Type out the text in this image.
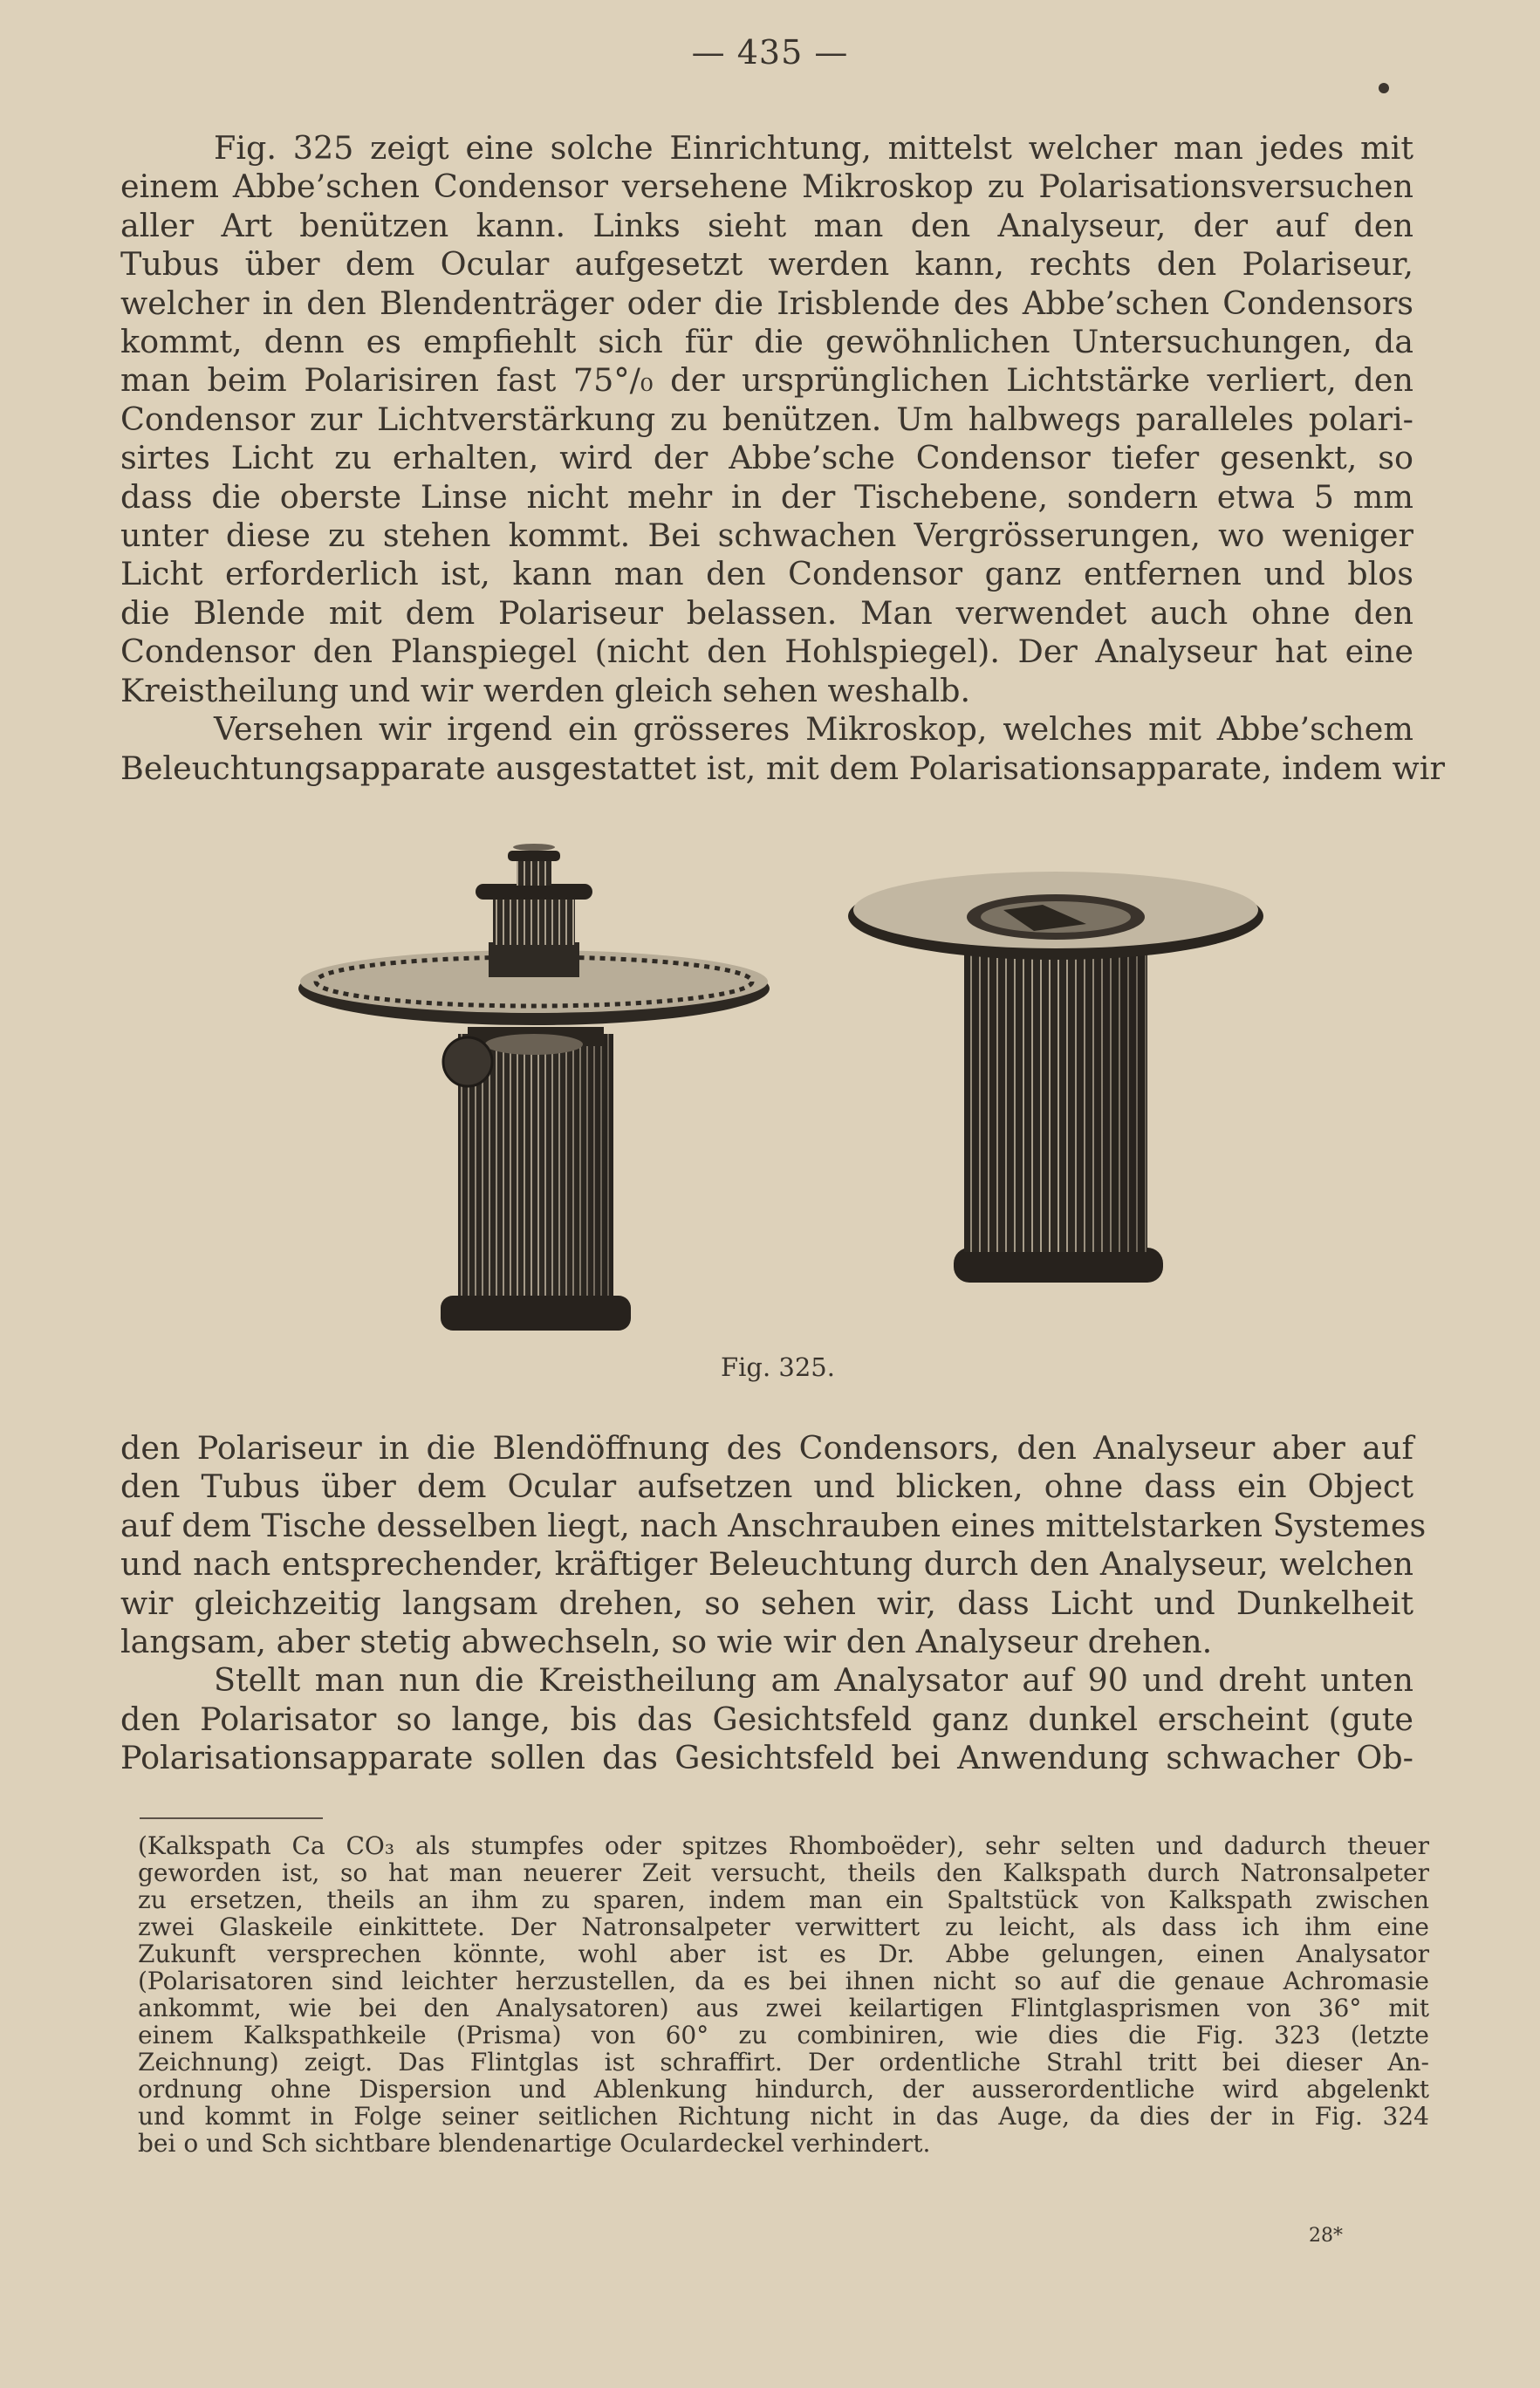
— 435 —

Fig. 325 zeigt eine solche Einrichtung, mittelst welcher man jedes mit
einem Abbe’schen Condensor versehene Mikroskop zu Polarisationsversuchen
aller Art benützen kann. Links sieht man den Analyseur, der auf den
Tubus über dem Ocular aufgesetzt werden kann, rechts den Polariseur,
welcher in den Blendenträger oder die Irisblende des Abbe’schen Condensors
kommt, denn es empfiehlt sich für die gewöhnlichen Untersuchungen, da
man beim Polarisiren fast 75°/₀ der ursprünglichen Lichtstärke verliert, den
Condensor zur Lichtverstärkung zu benützen. Um halbwegs paralleles polari-
sirtes Licht zu erhalten, wird der Abbe’sche Condensor tiefer gesenkt, so
dass die oberste Linse nicht mehr in der Tischebene, sondern etwa 5 mm
unter diese zu stehen kommt. Bei schwachen Vergrösserungen, wo weniger
Licht erforderlich ist, kann man den Condensor ganz entfernen und blos
die Blende mit dem Polariseur belassen. Man verwendet auch ohne den
Condensor den Planspiegel (nicht den Hohlspiegel). Der Analyseur hat eine
Kreistheilung und wir werden gleich sehen weshalb.

Versehen wir irgend ein grösseres Mikroskop, welches mit Abbe’schem
Beleuchtungsapparate ausgestattet ist, mit dem Polarisationsapparate, indem wir

Fig. 325.

den Polariseur in die Blendöffnung des Condensors, den Analyseur aber auf
den Tubus über dem Ocular aufsetzen und blicken, ohne dass ein Object
auf dem Tische desselben liegt, nach Anschrauben eines mittelstarken Systemes
und nach entsprechender, kräftiger Beleuchtung durch den Analyseur, welchen
wir gleichzeitig langsam drehen, so sehen wir, dass Licht und Dunkelheit
langsam, aber stetig abwechseln, so wie wir den Analyseur drehen.

Stellt man nun die Kreistheilung am Analysator auf 90 und dreht unten
den Polarisator so lange, bis das Gesichtsfeld ganz dunkel erscheint (gute
Polarisationsapparate sollen das Gesichtsfeld bei Anwendung schwacher Ob-

(Kalkspath Ca CO₃ als stumpfes oder spitzes Rhomboëder), sehr selten und dadurch theuer
geworden ist, so hat man neuerer Zeit versucht, theils den Kalkspath durch Natronsalpeter
zu ersetzen, theils an ihm zu sparen, indem man ein Spaltstück von Kalkspath zwischen
zwei Glaskeile einkittete. Der Natronsalpeter verwittert zu leicht, als dass ich ihm eine
Zukunft versprechen könnte, wohl aber ist es Dr. Abbe gelungen, einen Analysator
(Polarisatoren sind leichter herzustellen, da es bei ihnen nicht so auf die genaue Achromasie
ankommt, wie bei den Analysatoren) aus zwei keilartigen Flintglasprismen von 36° mit
einem Kalkspathkeile (Prisma) von 60° zu combiniren, wie dies die Fig. 323 (letzte
Zeichnung) zeigt. Das Flintglas ist schraffirt. Der ordentliche Strahl tritt bei dieser An-
ordnung ohne Dispersion und Ablenkung hindurch, der ausserordentliche wird abgelenkt
und kommt in Folge seiner seitlichen Richtung nicht in das Auge, da dies der in Fig. 324
bei o und Sch sichtbare blendenartige Oculardeckel verhindert.
28*
